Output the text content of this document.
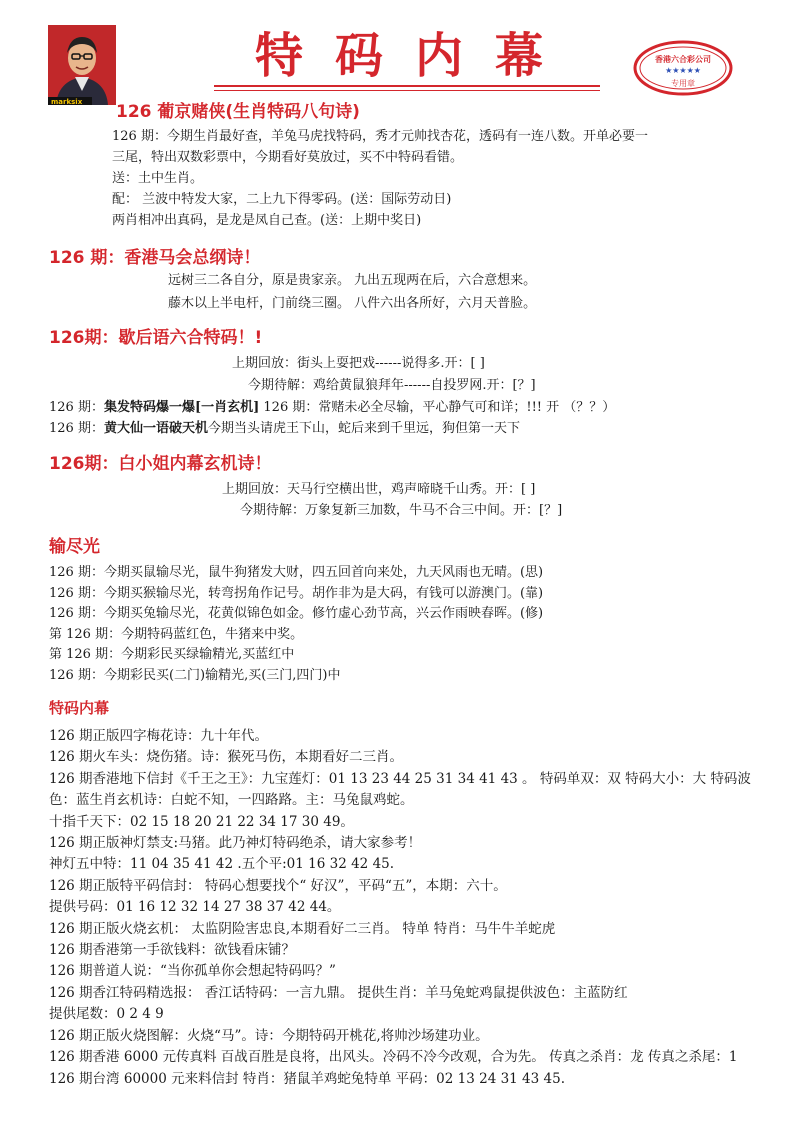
marksix
特码内幕	香港六合彩公司
★★★★★
专用章
126 葡京赌侠(生肖特码八句诗)
126 期：今期生肖最好查，羊兔马虎找特码，秀才元帅找杏花，透码有一连八数。开单必要一
三尾，特出双数彩票中，今期看好莫放过，买不中特码看错。
送：土中生肖。
配： 兰波中特发大家，二上九下得零码。(送：国际劳动日)
两肖相冲出真码，是龙是凤自己查。(送：上期中奖日)
126 期：香港马会总纲诗！
远树三二各自分，原是贵家亲。 九出五现两在后，六合意想来。
藤木以上半电杆，门前绕三圈。 八件六出各所好，六月天普脸。
126期：歇后语六合特码！!
上期回放：街头上耍把戏------说得多.开：[ ]
今期待解：鸡给黄鼠狼拜年------自投罗网.开：[？]
126 期：集发特码爆一爆[一肖玄机] 126 期：常赌未必全尽输，平心静气可和详；!!! 开 （？？）
126 期：黄大仙一语破天机今期当头请虎王下山，蛇后来到千里远，狗但第一天下
126期：白小姐内幕玄机诗！
上期回放：天马行空横出世，鸡声啼晓千山秀。开：[ ]
今期待解：万象复新三加数，牛马不合三中间。开：[？]
输尽光
126 期：今期买鼠输尽光，鼠牛狗猪发大财，四五回首向来处，九天风雨也无晴。(思)
126 期：今期买猴输尽光，转弯拐角作记号。胡作非为是大码，有钱可以游澳门。(靠)
126 期：今期买兔输尽光，花黄似锦色如金。修竹虚心劲节高，兴云作雨映春晖。(修)
第 126 期：今期特码蓝红色，牛猪来中奖。
第 126 期：今期彩民买绿输精光,买蓝红中
126 期：今期彩民买(二门)输精光,买(三门,四门)中
特码内幕
126 期正版四字梅花诗：九十年代。
126 期火车头：烧伤猪。诗：猴死马伤，本期看好二三肖。
126 期香港地下信封《千王之王》：九宝莲灯：01 13 23 44 25 31 34 41 43 。 特码单双：双 特码大小：大 特码波色：蓝生肖玄机诗：白蛇不知，一四路路。主：马兔鼠鸡蛇。
十指千天下：02 15 18 20 21 22 34 17 30 49。
126 期正版神灯禁支:马猪。此乃神灯特码绝杀，请大家参考！
神灯五中特：11 04 35 41 42 .五个平:01 16 32 42 45.
126 期正版特平码信封： 特码心想要找个“ 好汉”，平码“五”，本期：六十。
提供号码：01 16 12 32 14 27 38 37 42 44。
126 期正版火烧玄机： 太监阴险害忠良,本期看好二三肖。 特单 特肖：马牛牛羊蛇虎
126 期香港第一手欲钱料：欲钱看床铺？
126 期普道人说：“当你孤单你会想起特码吗？”
126 期香江特码精选报： 香江话特码：一言九鼎。 提供生肖：羊马兔蛇鸡鼠提供波色：主蓝防红
提供尾数：0 2 4 9
126 期正版火烧图解：火烧“马”。诗：今期特码开桃花,将帅沙场建功业。
126 期香港 6000 元传真料 百战百胜是良将，出风头。冷码不冷今改观，合为先。 传真之杀肖：龙 传真之杀尾：1
126 期台湾 60000 元来料信封 特肖：猪鼠羊鸡蛇兔特单 平码：02 13 24 31 43 45.
